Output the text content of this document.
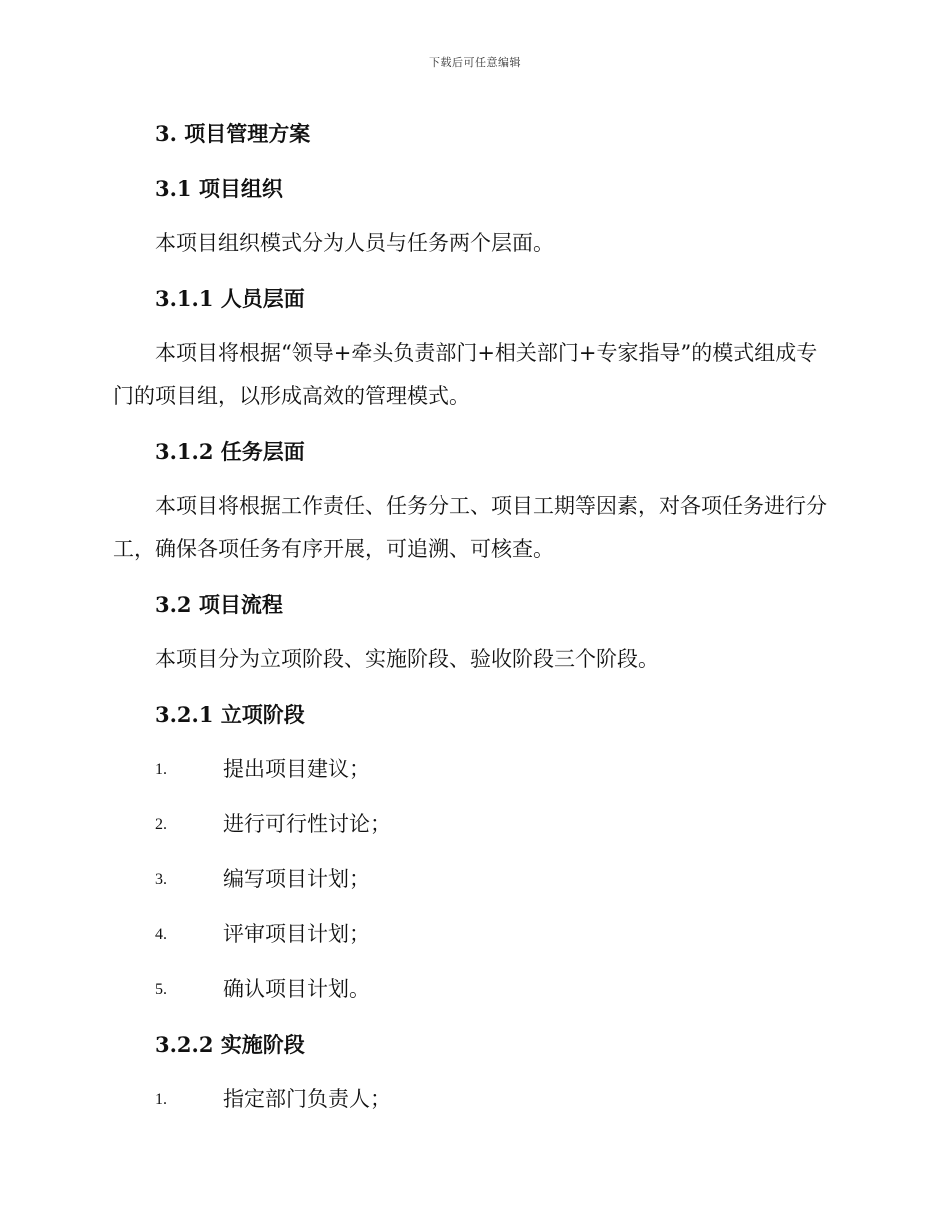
下载后可任意编辑
3. 项目管理方案
3.1 项目组织
本项目组织模式分为人员与任务两个层面。
3.1.1 人员层面
本项目将根据“领导+牵头负责部门+相关部门+专家指导”的模式组成专门的项目组，以形成高效的管理模式。
3.1.2 任务层面
本项目将根据工作责任、任务分工、项目工期等因素，对各项任务进行分工，确保各项任务有序开展，可追溯、可核查。
3.2 项目流程
本项目分为立项阶段、实施阶段、验收阶段三个阶段。
3.2.1 立项阶段
1.	提出项目建议；
2.	进行可行性讨论；
3.	编写项目计划；
4.	评审项目计划；
5.	确认项目计划。
3.2.2 实施阶段
1.	指定部门负责人；
